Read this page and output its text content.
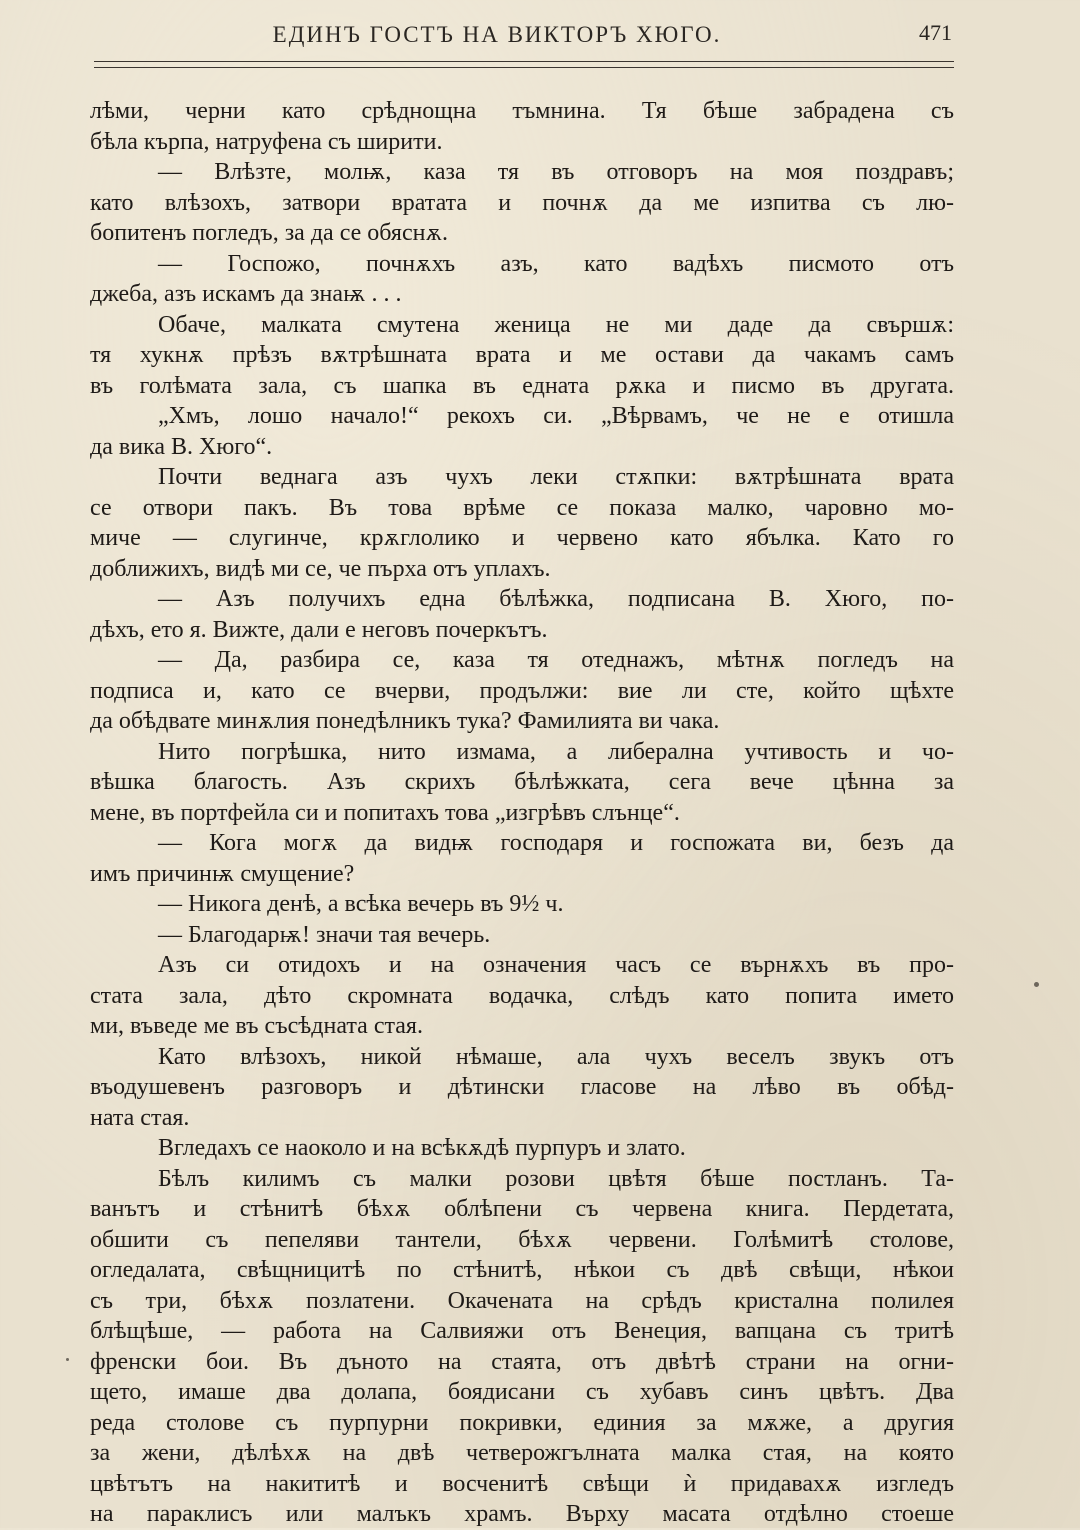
ЕДИНЪ ГОСТЪ НА ВИКТОРЪ ХЮГО.	471
лѣми, черни като срѣднощна тъмнина. Тя бѣше забрадена съ
бѣла кърпа, натруфена съ ширити.
— Влѣзте, молѭ, каза тя въ отговоръ на моя поздравъ;
като влѣзохъ, затвори вратата и почнѫ да ме изпитва съ лю-
бопитенъ погледъ, за да се обяснѫ.
— Госпожо, почнѫхъ азъ, като вадѣхъ писмото отъ
джеба, азъ искамъ да знаѭ . . .
Обаче, малката смутена женица не ми даде да свършѫ:
тя хукнѫ прѣзъ вѫтрѣшната врата и ме остави да чакамъ самъ
въ голѣмата зала, съ шапка въ едната рѫка и писмо въ другата.
„Хмъ, лошо начало!“ рекохъ си. „Вѣрвамъ, че не е отишла
да вика В. Хюго“.
Почти веднага азъ чухъ леки стѫпки: вѫтрѣшната врата
се отвори пакъ. Въ това врѣме се показа малко, чаровно мо-
миче — слугинче, крѫглолико и червено като ябълка. Като го
доближихъ, видѣ ми се, че пърха отъ уплахъ.
— Азъ получихъ една бѣлѣжка, подписана В. Хюго, по-
дѣхъ, ето я. Вижте, дали е неговъ почеркътъ.
— Да, разбира се, каза тя отеднажъ, мѣтнѫ погледъ на
подписа и, като се вчерви, продължи: вие ли сте, който щѣхте
да обѣдвате минѫлия понедѣлникъ тука? Фамилията ви чака.
Нито погрѣшка, нито измама, а либерална учтивость и чо-
вѣшка благость. Азъ скрихъ бѣлѣжката, сега вече цѣнна за
мене, въ портфейла си и попитахъ това „изгрѣвъ слънце“.
— Кога могѫ да видѭ господаря и госпожата ви, безъ да
имъ причинѭ смущение?
— Никога денѣ, а всѣка вечерь въ 9½ ч.
— Благодарѭ! значи тая вечерь.
Азъ си отидохъ и на означения часъ се върнѫхъ въ про-
стата зала, дѣто скромната водачка, слѣдъ като попита името
ми, въведе ме въ съсѣдната стая.
Като влѣзохъ, никой нѣмаше, ала чухъ веселъ звукъ отъ
въодушевенъ разговоръ и дѣтински гласове на лѣво въ обѣд-
ната стая.
Вгледахъ се наоколо и на всѣкѫдѣ пурпуръ и злато.
Бѣлъ килимъ съ малки розови цвѣтя бѣше постланъ. Та-
ванътъ и стѣнитѣ бѣхѫ облѣпени съ червена книга. Пердетата,
обшити съ пепеляви тантели, бѣхѫ червени. Голѣмитѣ столове,
огледалата, свѣщницитѣ по стѣнитѣ, нѣкои съ двѣ свѣщи, нѣкои
съ три, бѣхѫ позлатени. Окачената на срѣдъ кристална полилея
блѣщѣше, — работа на Салвияжи отъ Венеция, вапцана съ тритѣ
френски бои. Въ дъното на стаята, отъ двѣтѣ страни на огни-
щето, имаше два долапа, боядисани съ хубавъ синъ цвѣтъ. Два
реда столове съ пурпурни покривки, единия за мѫже, а другия
за жени, дѣлѣхѫ на двѣ четверожгълната малка стая, на която
цвѣтътъ на накититѣ и восченитѣ свѣщи ѝ придавахѫ изгледъ
на параклисъ или малъкъ храмъ. Върху масата отдѣлно стоеше
